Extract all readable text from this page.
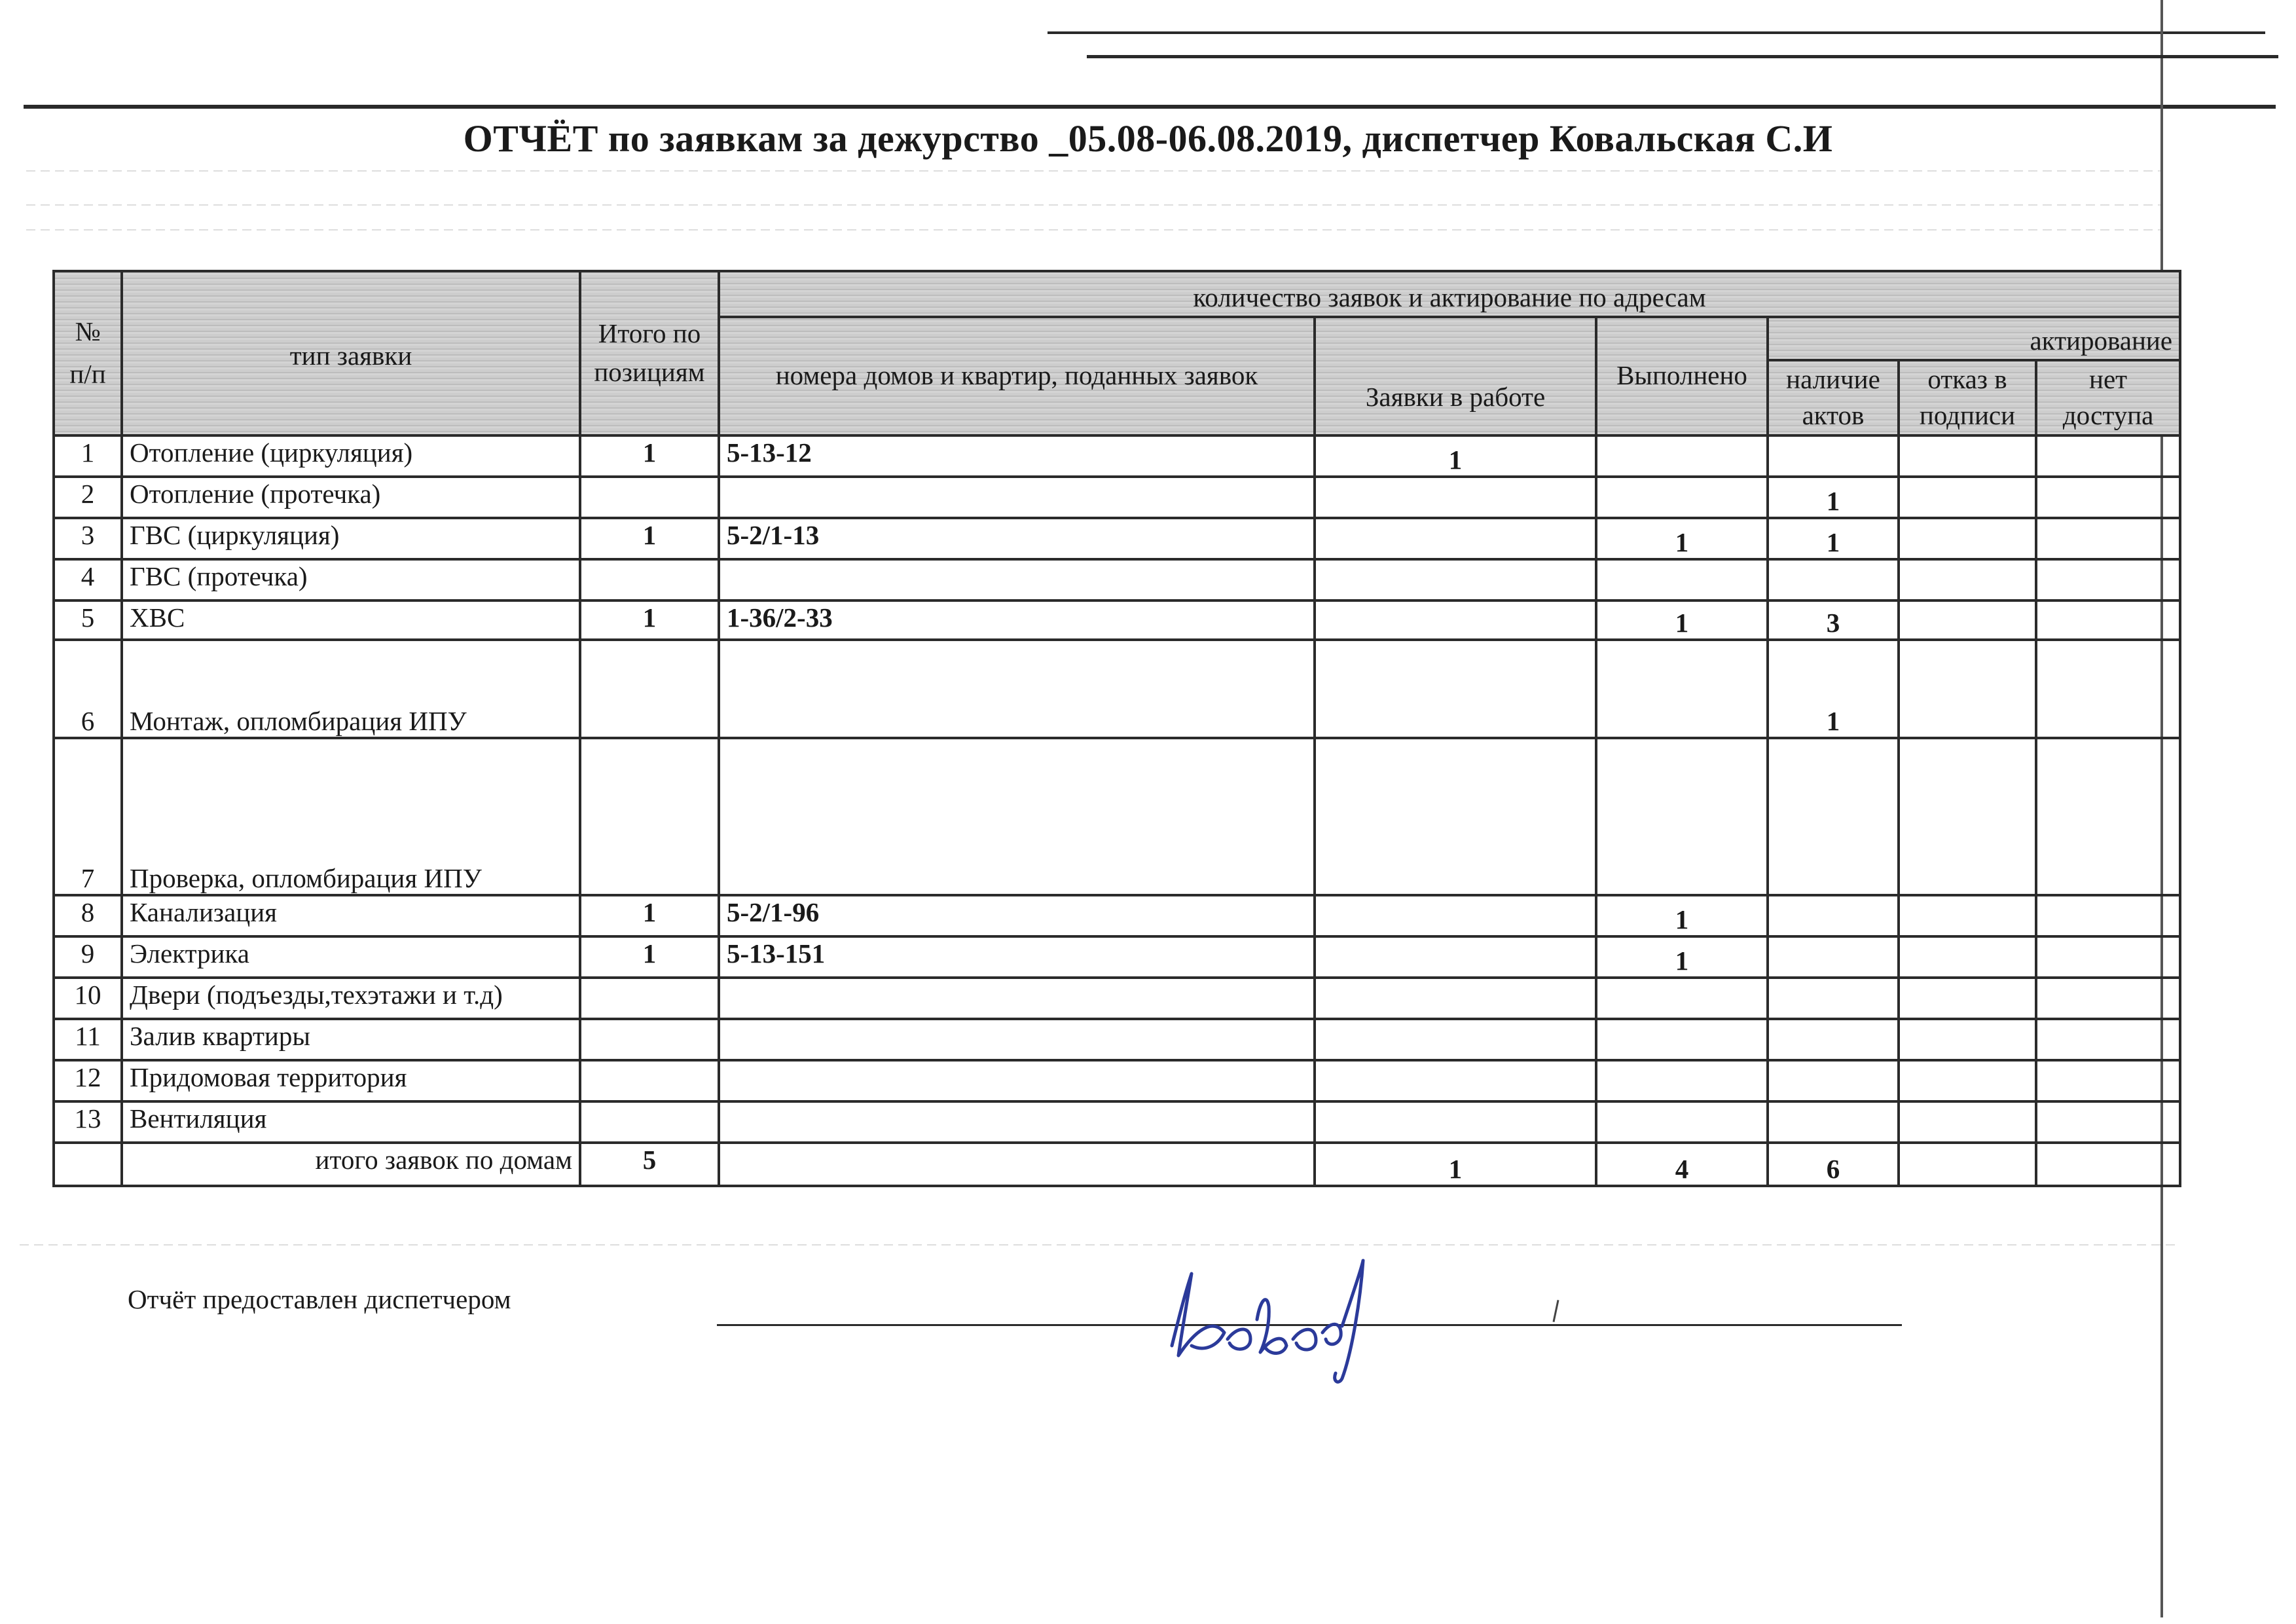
ОТЧЁТ по заявкам за дежурство _05.08-06.08.2019, диспетчер Ковальская С.И
№ п/п	тип заявки	Итого по позициям	количество заявок и актирование по адресам					
			номера домов и квартир, поданных заявок	Заявки в работе	Выполнено	актирование		
						наличие актов	отказ в подписи	нет доступа
1	Отопление (циркуляция)	1	5-13-12	1				
2	Отопление (протечка)					1		
3	ГВС (циркуляция)	1	5-2/1-13		1	1		
4	ГВС (протечка)							
5	ХВС	1	1-36/2-33		1	3		
6	Монтаж, опломбирация ИПУ					1		
7	Проверка, опломбирация ИПУ							
8	Канализация	1	5-2/1-96		1			
9	Электрика	1	5-13-151		1			
10	Двери (подъезды,техэтажи и т.д)							
11	Залив квартиры							
12	Придомовая территория							
13	Вентиляция							
	итого заявок по домам	5		1	4	6		
Отчёт предоставлен диспетчером
